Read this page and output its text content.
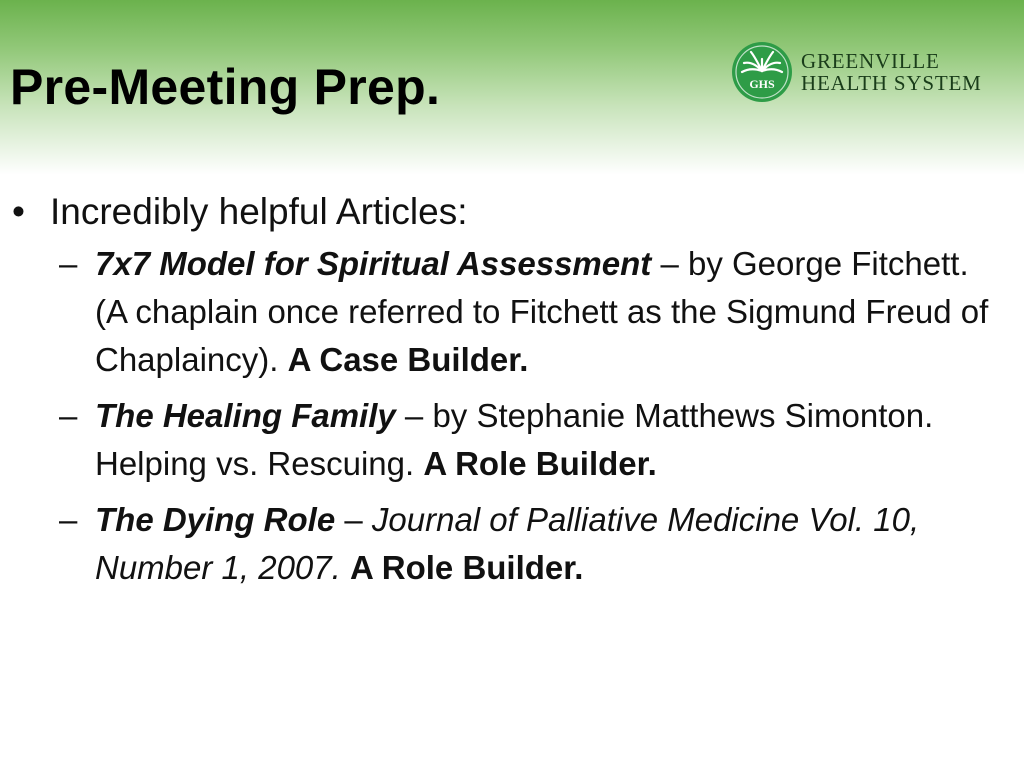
Pre-Meeting Prep.	GHS
GREENVILLE
HEALTH SYSTEM
• Incredibly helpful Articles:
– 7x7 Model for Spiritual Assessment – by George Fitchett. (A chaplain once referred to Fitchett as the Sigmund Freud of Chaplaincy). A Case Builder.
– The Healing Family – by Stephanie Matthews Simonton. Helping vs. Rescuing. A Role Builder.
– The Dying Role – Journal of Palliative Medicine Vol. 10, Number 1, 2007. A Role Builder.
